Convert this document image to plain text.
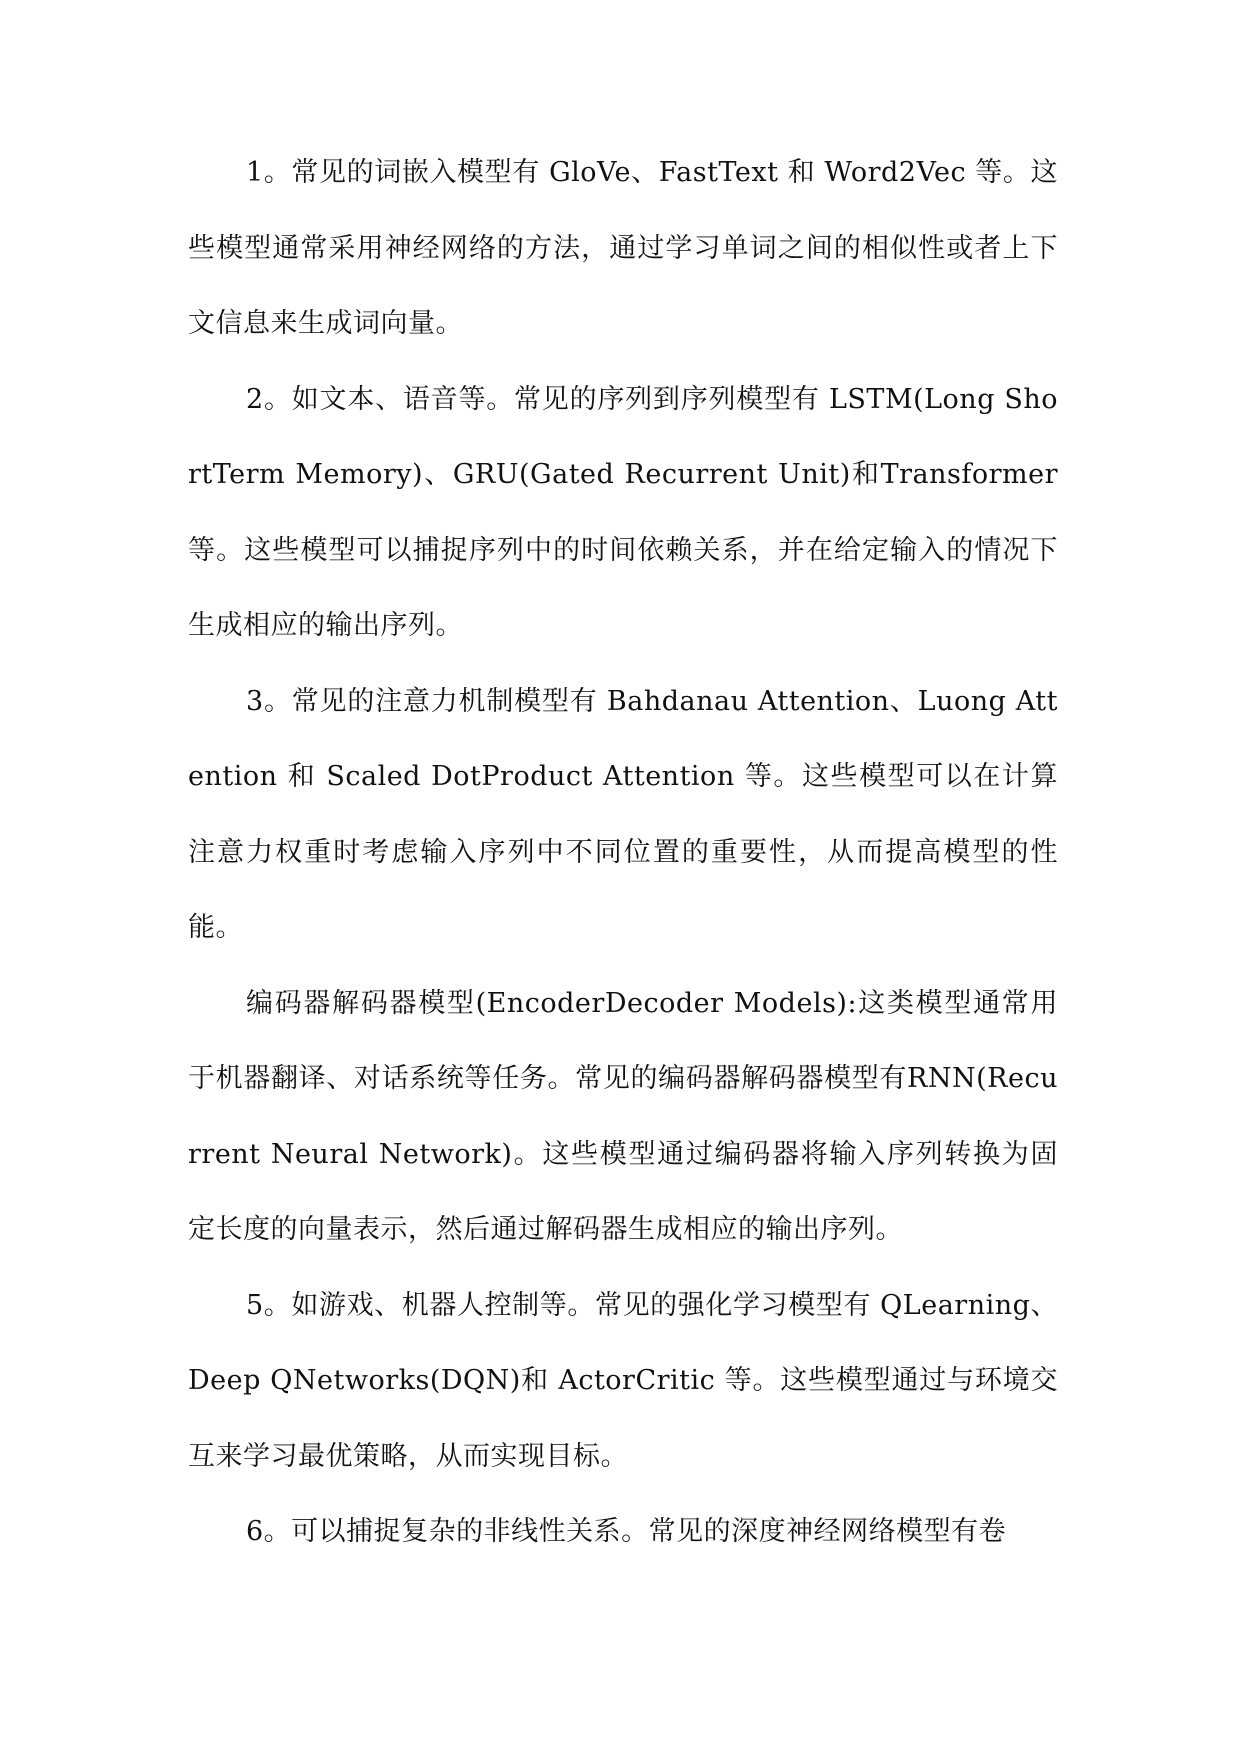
1。常见的词嵌入模型有 GloVe、FastText 和 Word2Vec 等。这些模型通常采用神经网络的方法，通过学习单词之间的相似性或者上下文信息来生成词向量。

2。如文本、语音等。常见的序列到序列模型有 LSTM(Long ShortTerm Memory)、GRU(Gated Recurrent Unit)和Transformer等。这些模型可以捕捉序列中的时间依赖关系，并在给定输入的情况下生成相应的输出序列。

3。常见的注意力机制模型有 Bahdanau Attention、Luong Attention 和 Scaled DotProduct Attention 等。这些模型可以在计算注意力权重时考虑输入序列中不同位置的重要性，从而提高模型的性能。

编码器解码器模型(EncoderDecoder Models):这类模型通常用于机器翻译、对话系统等任务。常见的编码器解码器模型有RNN(Recurrent Neural Network)。这些模型通过编码器将输入序列转换为固定长度的向量表示，然后通过解码器生成相应的输出序列。

5。如游戏、机器人控制等。常见的强化学习模型有 QLearning、Deep QNetworks(DQN)和 ActorCritic 等。这些模型通过与环境交互来学习最优策略，从而实现目标。

6。可以捕捉复杂的非线性关系。常见的深度神经网络模型有卷
